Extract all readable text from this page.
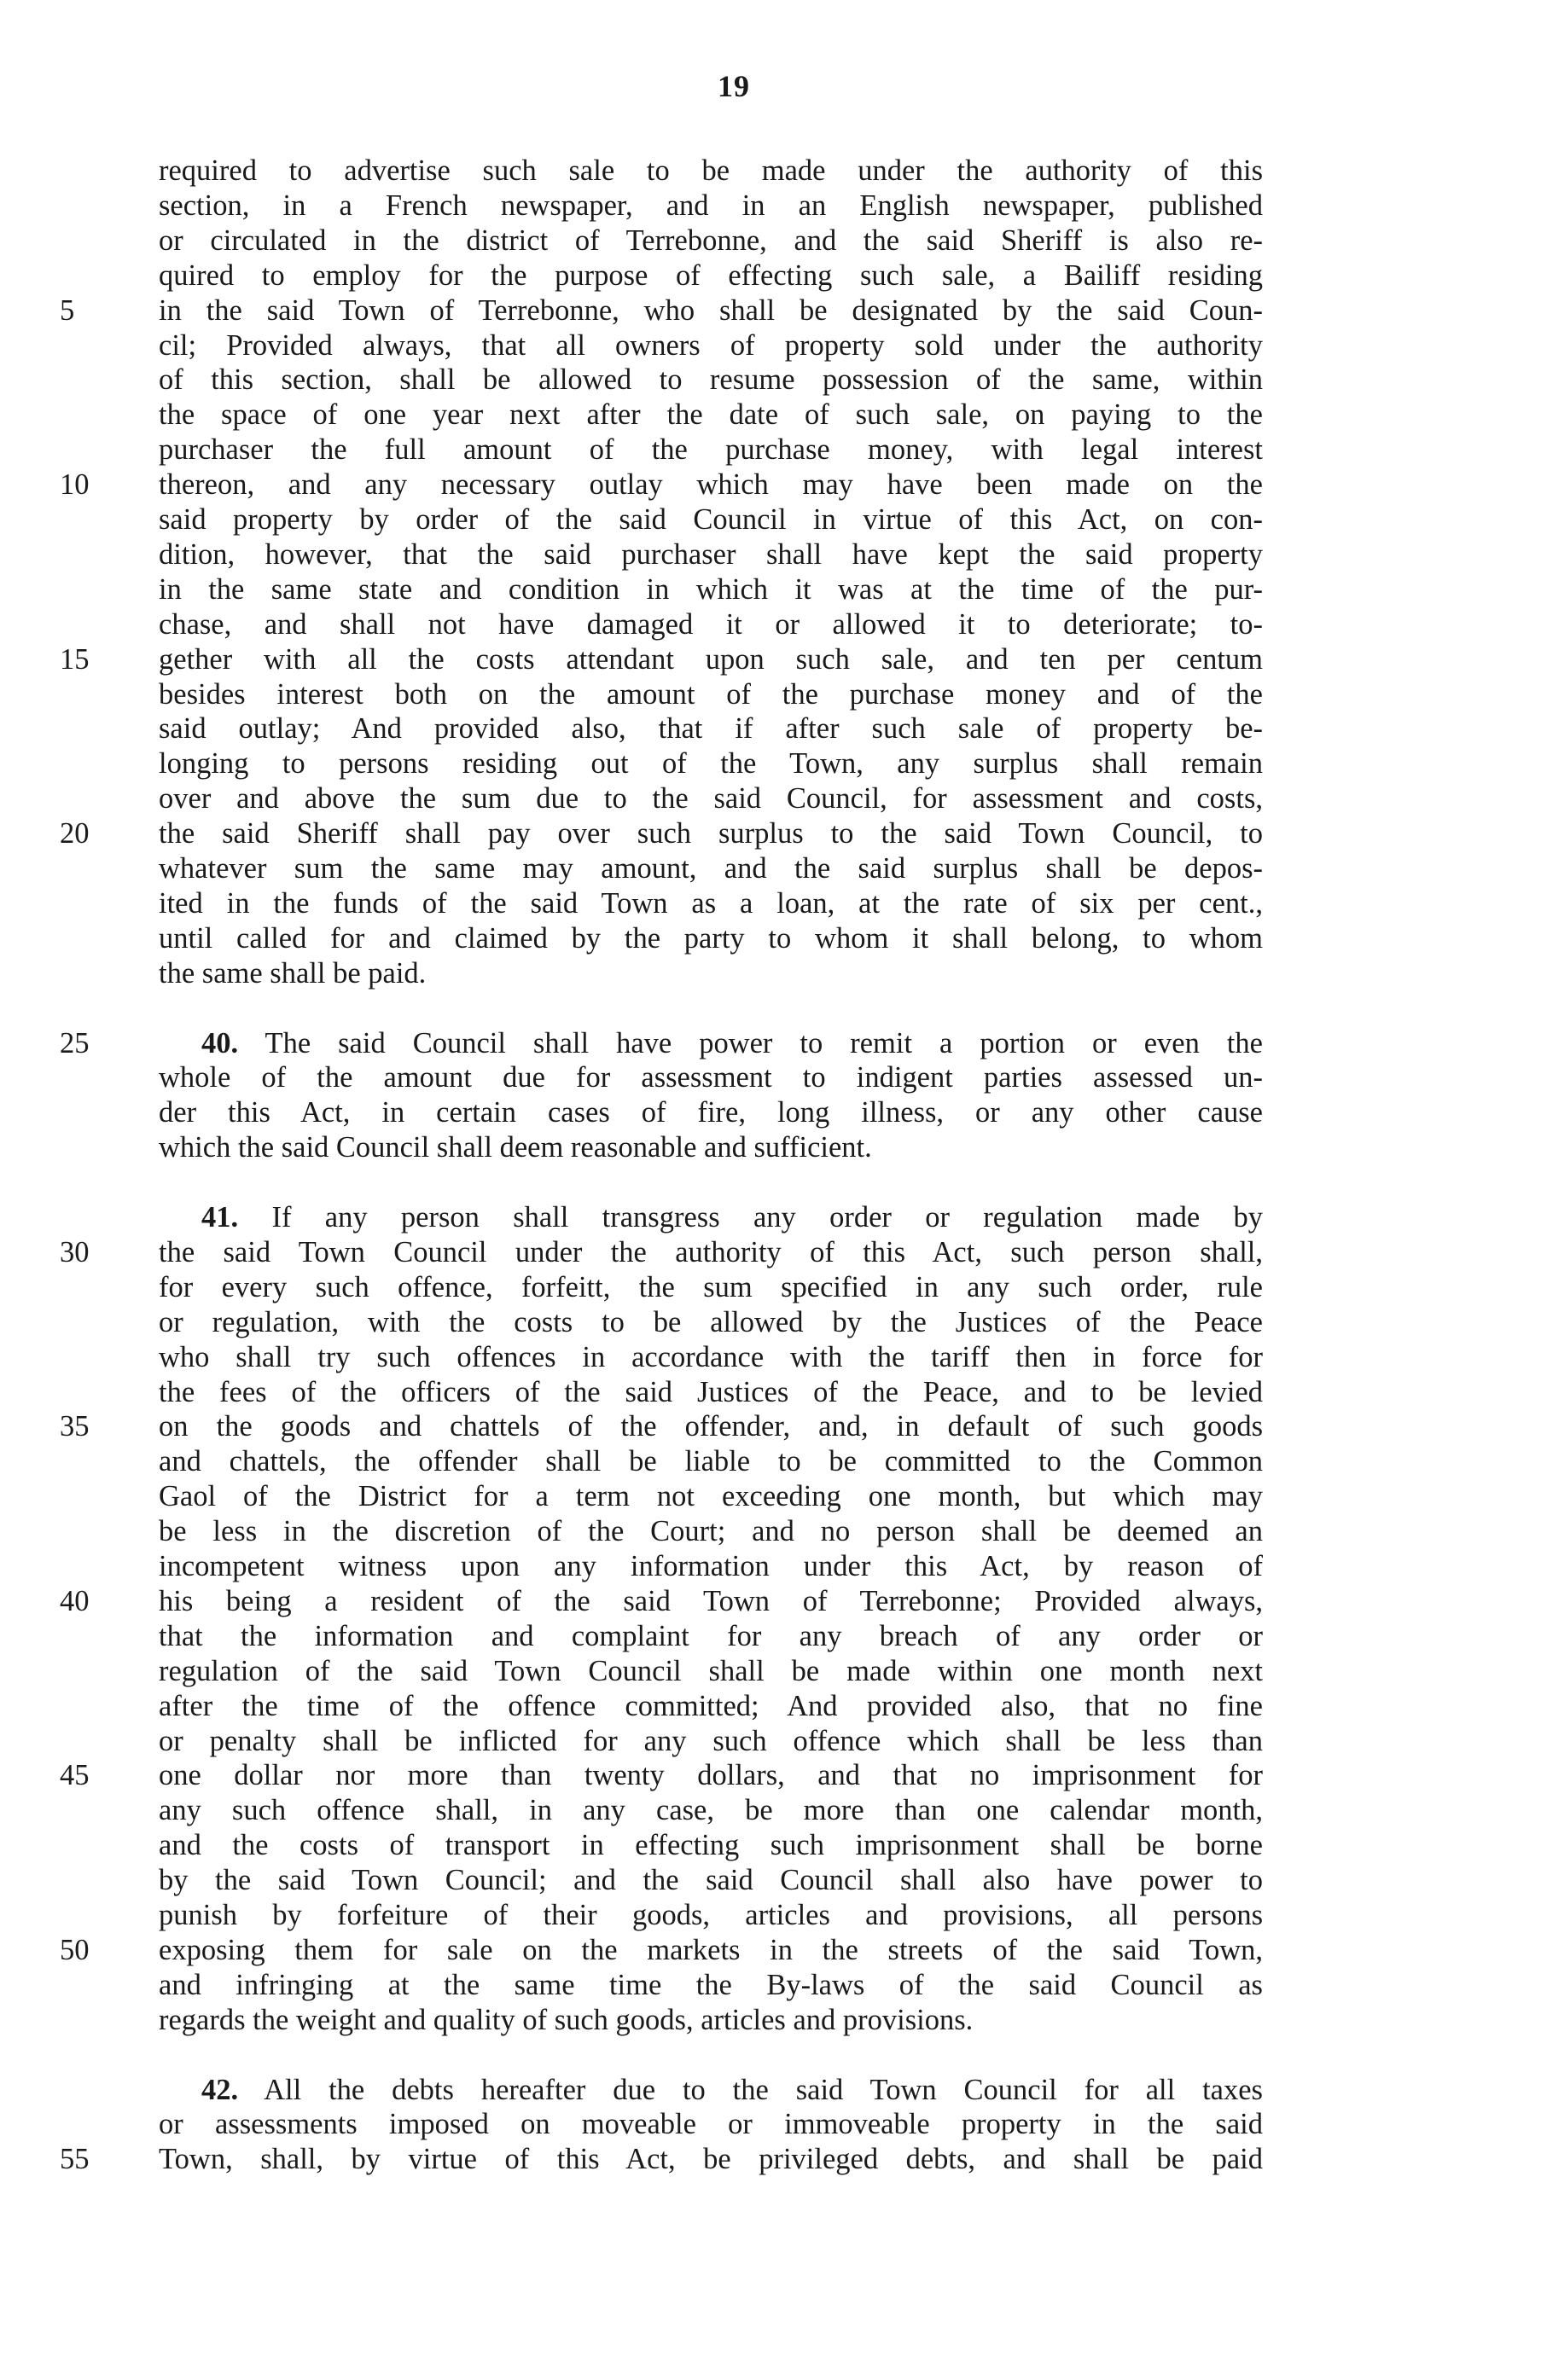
19
required to advertise such sale to be made under the authority of this
section, in a French newspaper, and in an English newspaper, published
or circulated in the district of Terrebonne, and the said Sheriff is also re-
quired to employ for the purpose of effecting such sale, a Bailiff residing
in the said Town of Terrebonne, who shall be designated by the said Coun-
cil; Provided always, that all owners of property sold under the authority
of this section, shall be allowed to resume possession of the same, within
the space of one year next after the date of such sale, on paying to the
purchaser the full amount of the purchase money, with legal interest
thereon, and any necessary outlay which may have been made on the
said property by order of the said Council in virtue of this Act, on con-
dition, however, that the said purchaser shall have kept the said property
in the same state and condition in which it was at the time of the pur-
chase, and shall not have damaged it or allowed it to deteriorate; to-
gether with all the costs attendant upon such sale, and ten per centum
besides interest both on the amount of the purchase money and of the
said outlay; And provided also, that if after such sale of property be-
longing to persons residing out of the Town, any surplus shall remain
over and above the sum due to the said Council, for assessment and costs,
the said Sheriff shall pay over such surplus to the said Town Council, to
whatever sum the same may amount, and the said surplus shall be depos-
ited in the funds of the said Town as a loan, at the rate of six per cent.,
until called for and claimed by the party to whom it shall belong, to whom
the same shall be paid.
40. The said Council shall have power to remit a portion or even the
whole of the amount due for assessment to indigent parties assessed un-
der this Act, in certain cases of fire, long illness, or any other cause
which the said Council shall deem reasonable and sufficient.
41. If any person shall transgress any order or regulation made by
the said Town Council under the authority of this Act, such person shall,
for every such offence, forfeitt, the sum specified in any such order, rule
or regulation, with the costs to be allowed by the Justices of the Peace
who shall try such offences in accordance with the tariff then in force for
the fees of the officers of the said Justices of the Peace, and to be levied
on the goods and chattels of the offender, and, in default of such goods
and chattels, the offender shall be liable to be committed to the Common
Gaol of the District for a term not exceeding one month, but which may
be less in the discretion of the Court; and no person shall be deemed an
incompetent witness upon any information under this Act, by reason of
his being a resident of the said Town of Terrebonne; Provided always,
that the information and complaint for any breach of any order or
regulation of the said Town Council shall be made within one month next
after the time of the offence committed; And provided also, that no fine
or penalty shall be inflicted for any such offence which shall be less than
one dollar nor more than twenty dollars, and that no imprisonment for
any such offence shall, in any case, be more than one calendar month,
and the costs of transport in effecting such imprisonment shall be borne
by the said Town Council; and the said Council shall also have power to
punish by forfeiture of their goods, articles and provisions, all persons
exposing them for sale on the markets in the streets of the said Town,
and infringing at the same time the By-laws of the said Council as
regards the weight and quality of such goods, articles and provisions.
42. All the debts hereafter due to the said Town Council for all taxes
or assessments imposed on moveable or immoveable property in the said
Town, shall, by virtue of this Act, be privileged debts, and shall be paid
5
10
15
20
25
30
35
40
45
50
55
